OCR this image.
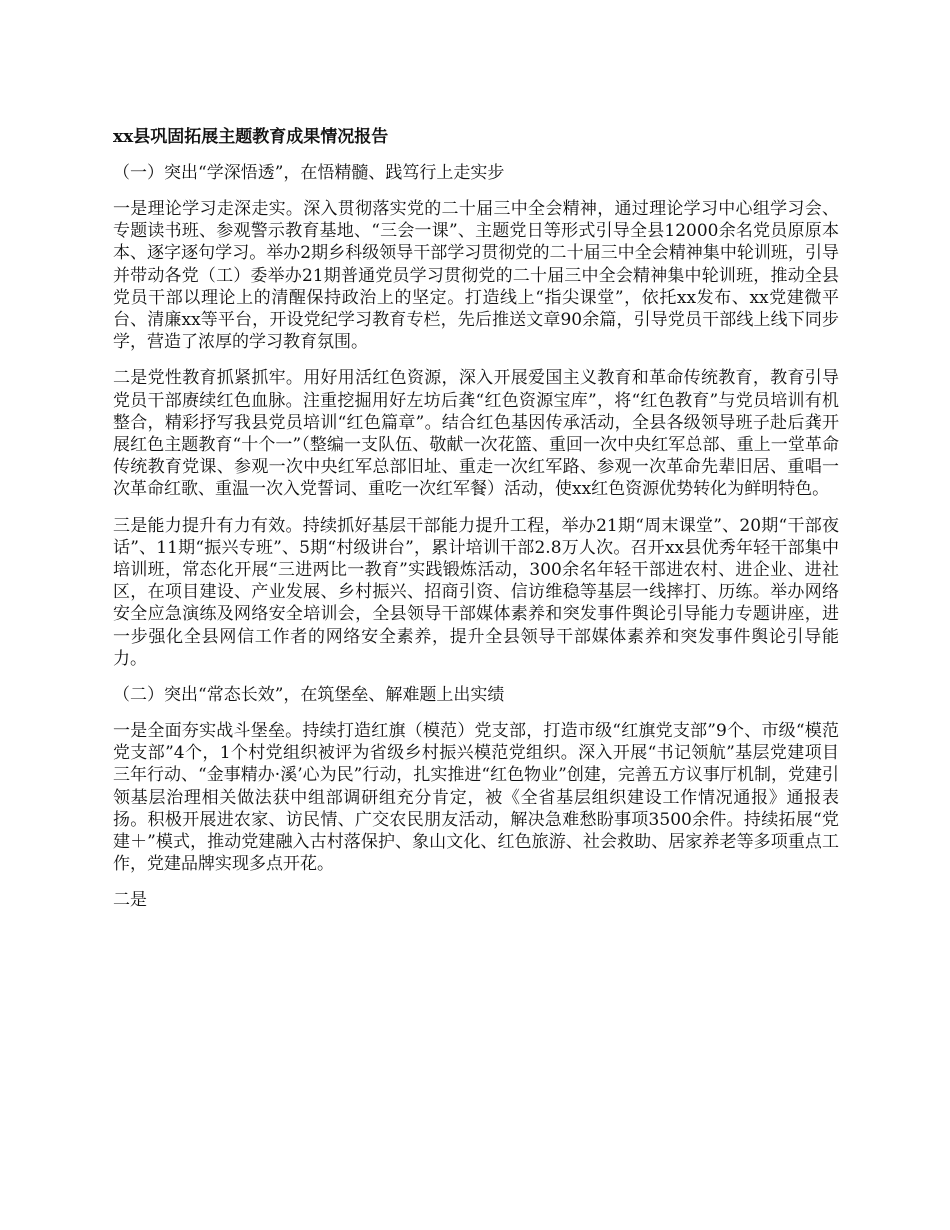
xx县巩固拓展主题教育成果情况报告
（一）突出“学深悟透”，在悟精髓、践笃行上走实步

一是理论学习走深走实。深入贯彻落实党的二十届三中全会精神，通过理论学习中心组学习会、专题读书班、参观警示教育基地、“三会一课”、主题党日等形式引导全县12000余名党员原原本本、逐字逐句学习。举办2期乡科级领导干部学习贯彻党的二十届三中全会精神集中轮训班，引导并带动各党（工）委举办21期普通党员学习贯彻党的二十届三中全会精神集中轮训班，推动全县党员干部以理论上的清醒保持政治上的坚定。打造线上“指尖课堂”，依托xx发布、xx党建微平台、清廉xx等平台，开设党纪学习教育专栏，先后推送文章90余篇，引导党员干部线上线下同步学，营造了浓厚的学习教育氛围。

二是党性教育抓紧抓牢。用好用活红色资源，深入开展爱国主义教育和革命传统教育，教育引导党员干部赓续红色血脉。注重挖掘用好左坊后龚“红色资源宝库”，将“红色教育”与党员培训有机整合，精彩抒写我县党员培训“红色篇章”。结合红色基因传承活动，全县各级领导班子赴后龚开展红色主题教育“十个一”（整编一支队伍、敬献一次花篮、重回一次中央红军总部、重上一堂革命传统教育党课、参观一次中央红军总部旧址、重走一次红军路、参观一次革命先辈旧居、重唱一次革命红歌、重温一次入党誓词、重吃一次红军餐）活动，使xx红色资源优势转化为鲜明特色。

三是能力提升有力有效。持续抓好基层干部能力提升工程，举办21期“周末课堂”、20期“干部夜话”、11期“振兴专班”、5期“村级讲台”，累计培训干部2.8万人次。召开xx县优秀年轻干部集中培训班，常态化开展“三进两比一教育”实践锻炼活动，300余名年轻干部进农村、进企业、进社区，在项目建设、产业发展、乡村振兴、招商引资、信访维稳等基层一线摔打、历练。举办网络安全应急演练及网络安全培训会，全县领导干部媒体素养和突发事件舆论引导能力专题讲座，进一步强化全县网信工作者的网络安全素养，提升全县领导干部媒体素养和突发事件舆论引导能力。

（二）突出“常态长效”，在筑堡垒、解难题上出实绩

一是全面夯实战斗堡垒。持续打造红旗（模范）党支部，打造市级“红旗党支部”9个、市级“模范党支部”4个，1个村党组织被评为省级乡村振兴模范党组织。深入开展“书记领航”基层党建项目三年行动、“金事精办·溪’心为民”行动，扎实推进“红色物业”创建，完善五方议事厅机制，党建引领基层治理相关做法获中组部调研组充分肯定，被《全省基层组织建设工作情况通报》通报表扬。积极开展进农家、访民情、广交农民朋友活动，解决急难愁盼事项3500余件。持续拓展“党建＋”模式，推动党建融入古村落保护、象山文化、红色旅游、社会救助、居家养老等多项重点工作，党建品牌实现多点开花。

二是
